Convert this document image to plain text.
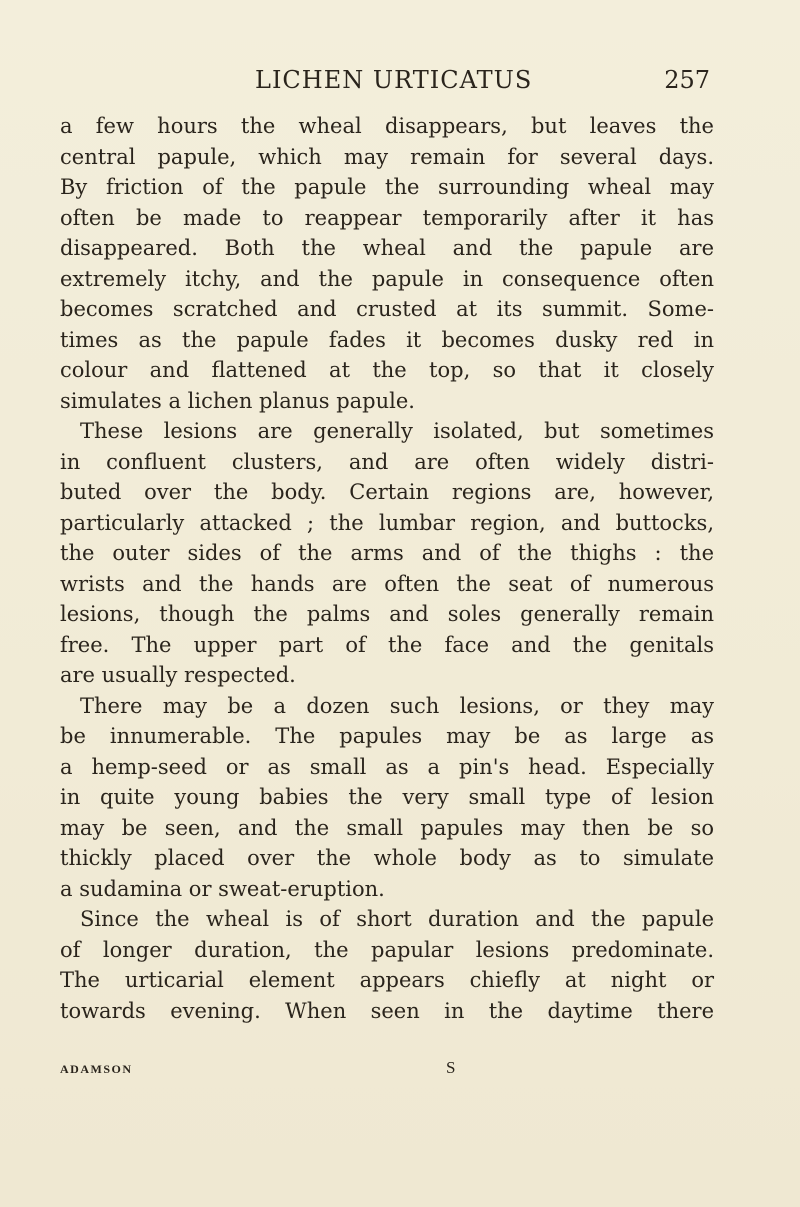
LICHEN URTICATUS	257
a few hours the wheal disappears, but leaves the
central papule, which may remain for several days.
By friction of the papule the surrounding wheal may
often be made to reappear temporarily after it has
disappeared. Both the wheal and the papule are
extremely itchy, and the papule in consequence often
becomes scratched and crusted at its summit. Some-
times as the papule fades it becomes dusky red in
colour and flattened at the top, so that it closely
simulates a lichen planus papule.
These lesions are generally isolated, but sometimes
in confluent clusters, and are often widely distri-
buted over the body. Certain regions are, however,
particularly attacked ; the lumbar region, and buttocks,
the outer sides of the arms and of the thighs : the
wrists and the hands are often the seat of numerous
lesions, though the palms and soles generally remain
free. The upper part of the face and the genitals
are usually respected.
There may be a dozen such lesions, or they may
be innumerable. The papules may be as large as
a hemp-seed or as small as a pin's head. Especially
in quite young babies the very small type of lesion
may be seen, and the small papules may then be so
thickly placed over the whole body as to simulate
a sudamina or sweat-eruption.
Since the wheal is of short duration and the papule
of longer duration, the papular lesions predominate.
The urticarial element appears chiefly at night or
towards evening. When seen in the daytime there
ADAMSON	S
